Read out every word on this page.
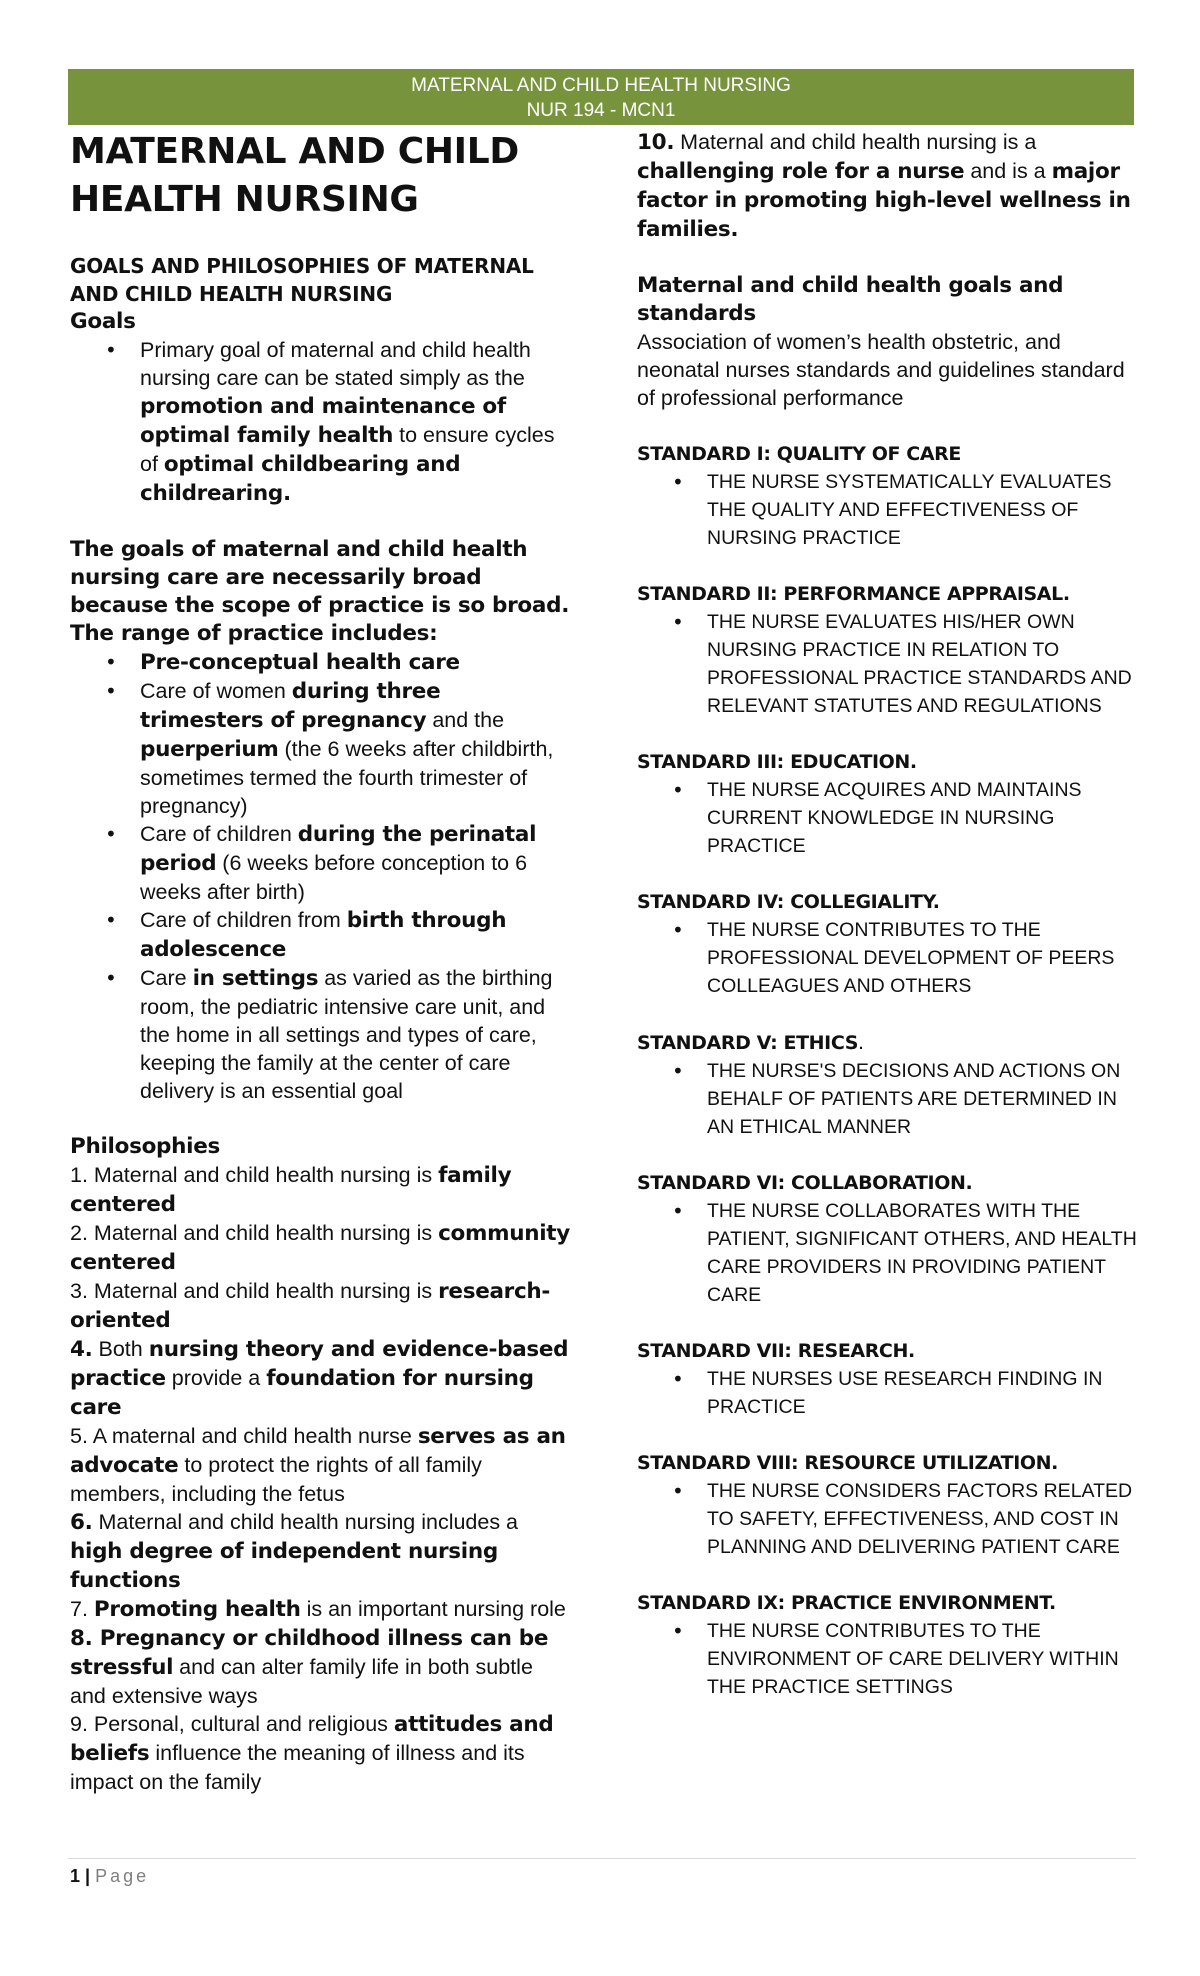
MATERNAL AND CHILD HEALTH NURSING
NUR 194 - MCN1
MATERNAL AND CHILD HEALTH NURSING
GOALS AND PHILOSOPHIES OF MATERNAL AND CHILD HEALTH NURSING

Goals

• Primary goal of maternal and child health nursing care can be stated simply as the promotion and maintenance of optimal family health to ensure cycles of optimal childbearing and childrearing.

The goals of maternal and child health nursing care are necessarily broad because the scope of practice is so broad. The range of practice includes:

• Pre-conceptual health care
• Care of women during three trimesters of pregnancy and the puerperium (the 6 weeks after childbirth, sometimes termed the fourth trimester of pregnancy)
• Care of children during the perinatal period (6 weeks before conception to 6 weeks after birth)
• Care of children from birth through adolescence
• Care in settings as varied as the birthing room, the pediatric intensive care unit, and the home in all settings and types of care, keeping the family at the center of care delivery is an essential goal

Philosophies

1. Maternal and child health nursing is family centered

2. Maternal and child health nursing is community centered

3. Maternal and child health nursing is research-oriented

4. Both nursing theory and evidence-based practice provide a foundation for nursing care

5. A maternal and child health nurse serves as an advocate to protect the rights of all family members, including the fetus

6. Maternal and child health nursing includes a high degree of independent nursing functions

7. Promoting health is an important nursing role

8. Pregnancy or childhood illness can be stressful and can alter family life in both subtle and extensive ways

9. Personal, cultural and religious attitudes and beliefs influence the meaning of illness and its impact on the family

10. Maternal and child health nursing is a challenging role for a nurse and is a major factor in promoting high-level wellness in families.

Maternal and child health goals and standards

Association of women’s health obstetric, and neonatal nurses standards and guidelines standard of professional performance

STANDARD I: QUALITY OF CARE

• THE NURSE SYSTEMATICALLY EVALUATES THE QUALITY AND EFFECTIVENESS OF NURSING PRACTICE

STANDARD II: PERFORMANCE APPRAISAL.

• THE NURSE EVALUATES HIS/HER OWN NURSING PRACTICE IN RELATION TO PROFESSIONAL PRACTICE STANDARDS AND RELEVANT STATUTES AND REGULATIONS

STANDARD III: EDUCATION.

• THE NURSE ACQUIRES AND MAINTAINS CURRENT KNOWLEDGE IN NURSING PRACTICE

STANDARD IV: COLLEGIALITY.

• THE NURSE CONTRIBUTES TO THE PROFESSIONAL DEVELOPMENT OF PEERS COLLEAGUES AND OTHERS

STANDARD V: ETHICS.

• THE NURSE'S DECISIONS AND ACTIONS ON BEHALF OF PATIENTS ARE DETERMINED IN AN ETHICAL MANNER

STANDARD VI: COLLABORATION.

• THE NURSE COLLABORATES WITH THE PATIENT, SIGNIFICANT OTHERS, AND HEALTH CARE PROVIDERS IN PROVIDING PATIENT CARE

STANDARD VII: RESEARCH.

• THE NURSES USE RESEARCH FINDING IN PRACTICE

STANDARD VIII: RESOURCE UTILIZATION.

• THE NURSE CONSIDERS FACTORS RELATED TO SAFETY, EFFECTIVENESS, AND COST IN PLANNING AND DELIVERING PATIENT CARE

STANDARD IX: PRACTICE ENVIRONMENT.

• THE NURSE CONTRIBUTES TO THE ENVIRONMENT OF CARE DELIVERY WITHIN THE PRACTICE SETTINGS
1 | Page
